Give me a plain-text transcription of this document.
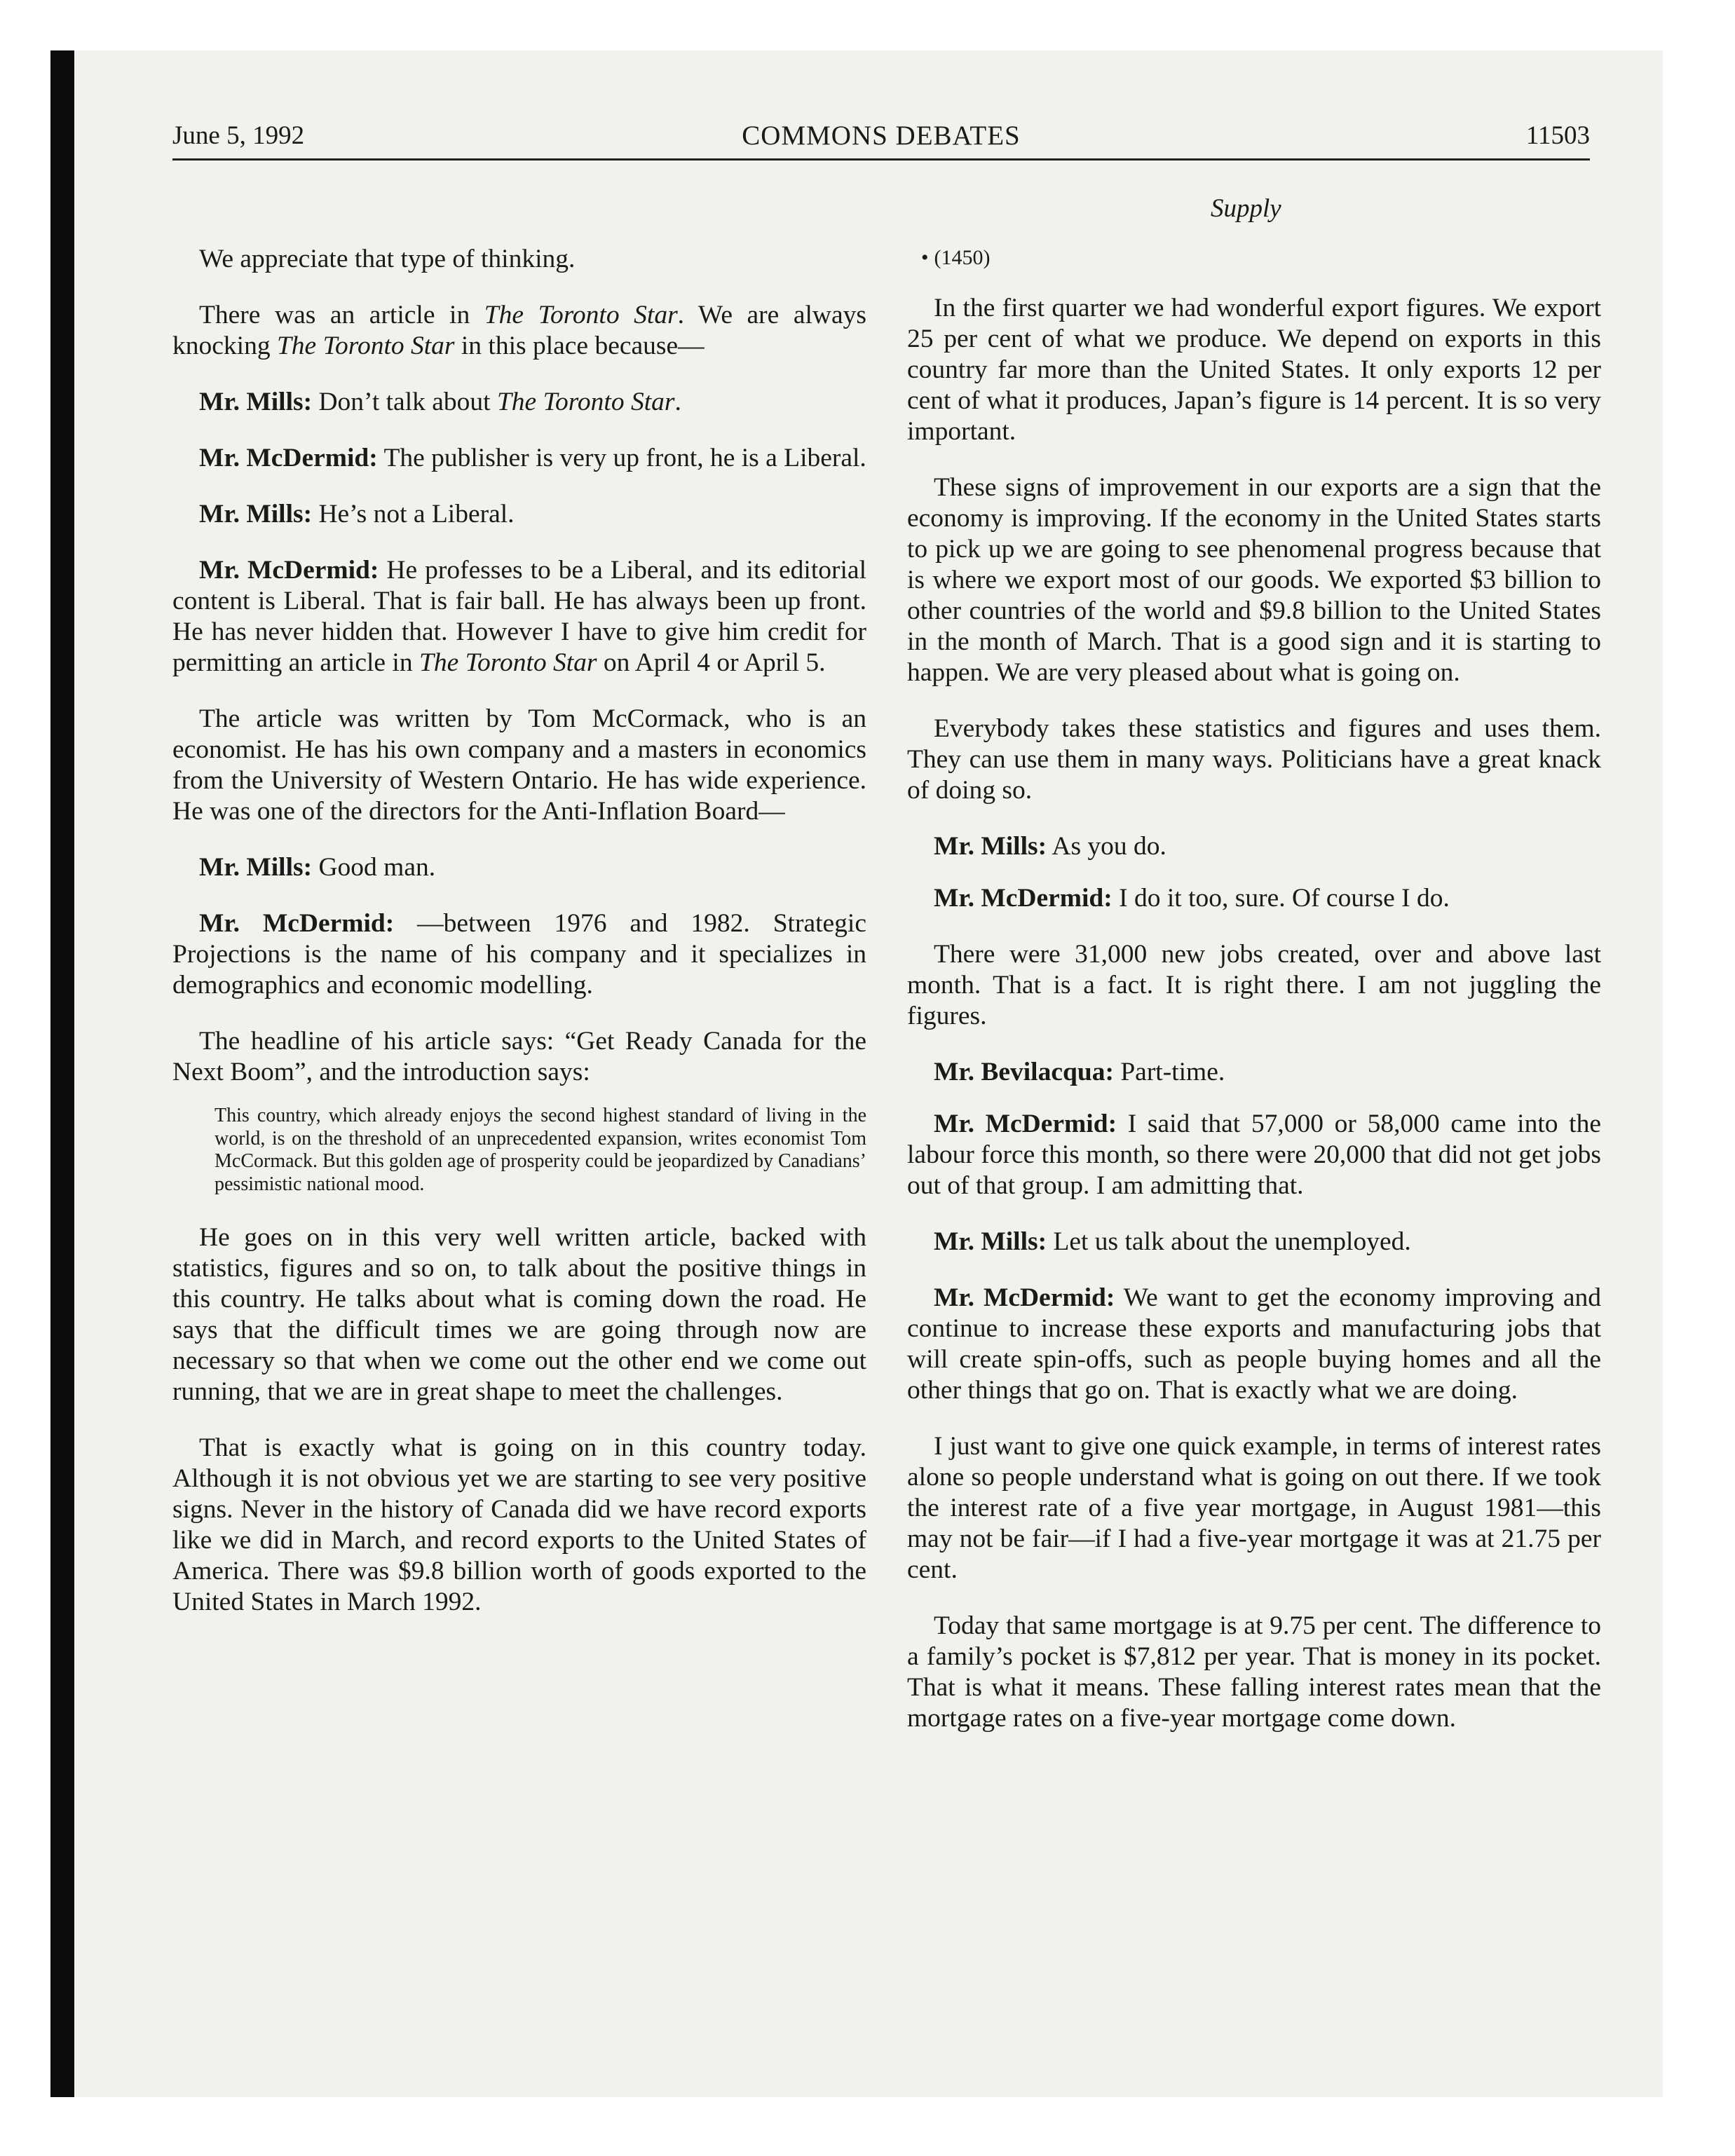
June 5, 1992	COMMONS DEBATES	11503
Supply

We appreciate that type of thinking.

There was an article in The Toronto Star. We are always knocking The Toronto Star in this place because—

Mr. Mills: Don’t talk about The Toronto Star.

Mr. McDermid: The publisher is very up front, he is a Liberal.

Mr. Mills: He’s not a Liberal.

Mr. McDermid: He professes to be a Liberal, and its editorial content is Liberal. That is fair ball. He has always been up front. He has never hidden that. However I have to give him credit for permitting an article in The Toronto Star on April 4 or April 5.

The article was written by Tom McCormack, who is an economist. He has his own company and a masters in economics from the University of Western Ontario. He has wide experience. He was one of the directors for the Anti-Inflation Board—

Mr. Mills: Good man.

Mr. McDermid: —between 1976 and 1982. Strategic Projections is the name of his company and it specializes in demographics and economic modelling.

The headline of his article says: “Get Ready Canada for the Next Boom”, and the introduction says:

This country, which already enjoys the second highest standard of living in the world, is on the threshold of an unprecedented expansion, writes economist Tom McCormack. But this golden age of prosperity could be jeopardized by Canadians’ pessimistic national mood.

He goes on in this very well written article, backed with statistics, figures and so on, to talk about the positive things in this country. He talks about what is coming down the road. He says that the difficult times we are going through now are necessary so that when we come out the other end we come out running, that we are in great shape to meet the challenges.

That is exactly what is going on in this country today. Although it is not obvious yet we are starting to see very positive signs. Never in the history of Canada did we have record exports like we did in March, and record exports to the United States of America. There was $9.8 billion worth of goods exported to the United States in March 1992.

• (1450)

In the first quarter we had wonderful export figures. We export 25 per cent of what we produce. We depend on exports in this country far more than the United States. It only exports 12 per cent of what it produces, Japan’s figure is 14 percent. It is so very important.

These signs of improvement in our exports are a sign that the economy is improving. If the economy in the United States starts to pick up we are going to see phenomenal progress because that is where we export most of our goods. We exported $3 billion to other countries of the world and $9.8 billion to the United States in the month of March. That is a good sign and it is starting to happen. We are very pleased about what is going on.

Everybody takes these statistics and figures and uses them. They can use them in many ways. Politicians have a great knack of doing so.

Mr. Mills: As you do.

Mr. McDermid: I do it too, sure. Of course I do.

There were 31,000 new jobs created, over and above last month. That is a fact. It is right there. I am not juggling the figures.

Mr. Bevilacqua: Part-time.

Mr. McDermid: I said that 57,000 or 58,000 came into the labour force this month, so there were 20,000 that did not get jobs out of that group. I am admitting that.

Mr. Mills: Let us talk about the unemployed.

Mr. McDermid: We want to get the economy improving and continue to increase these exports and manufacturing jobs that will create spin-offs, such as people buying homes and all the other things that go on. That is exactly what we are doing.

I just want to give one quick example, in terms of interest rates alone so people understand what is going on out there. If we took the interest rate of a five year mortgage, in August 1981—this may not be fair—if I had a five-year mortgage it was at 21.75 per cent.

Today that same mortgage is at 9.75 per cent. The difference to a family’s pocket is $7,812 per year. That is money in its pocket. That is what it means. These falling interest rates mean that the mortgage rates on a five-year mortgage come down.
